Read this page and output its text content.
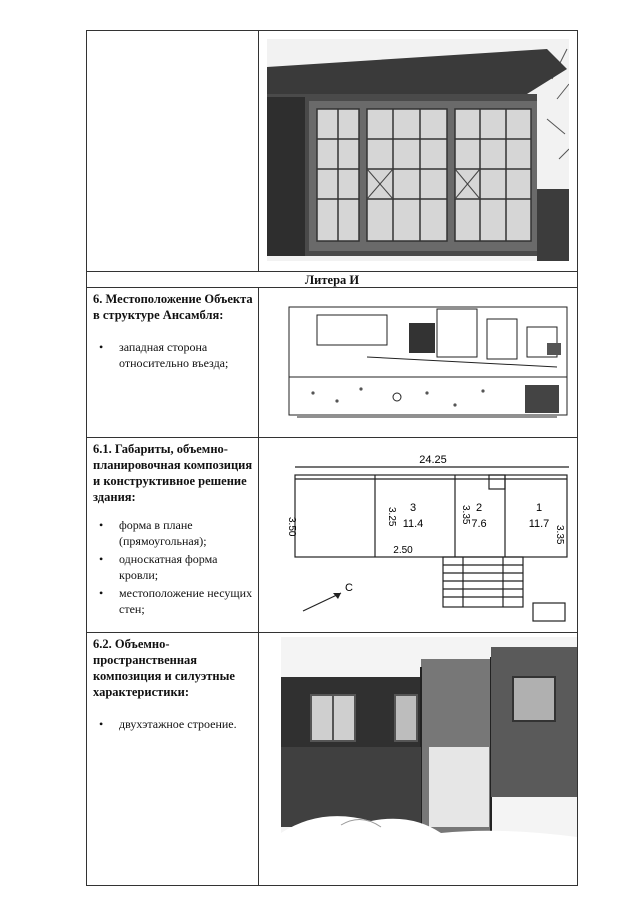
Литера И
6. Местоположение Объекта в структуре Ансамбля:
• западная сторона относительно въезда;
6.1. Габариты, объемно-планировочная композиция и конструктивное решение здания:
• форма в плане (прямоугольная);
• односкатная форма кровли;
• местоположение несущих стен;
24.25
3.50
3.25 3
11.4
2
7.6
1
11.7
3.35
3.35
2.50
С
6.2. Объемно-пространственная композиция и силуэтные характеристики:
• двухэтажное строение.
